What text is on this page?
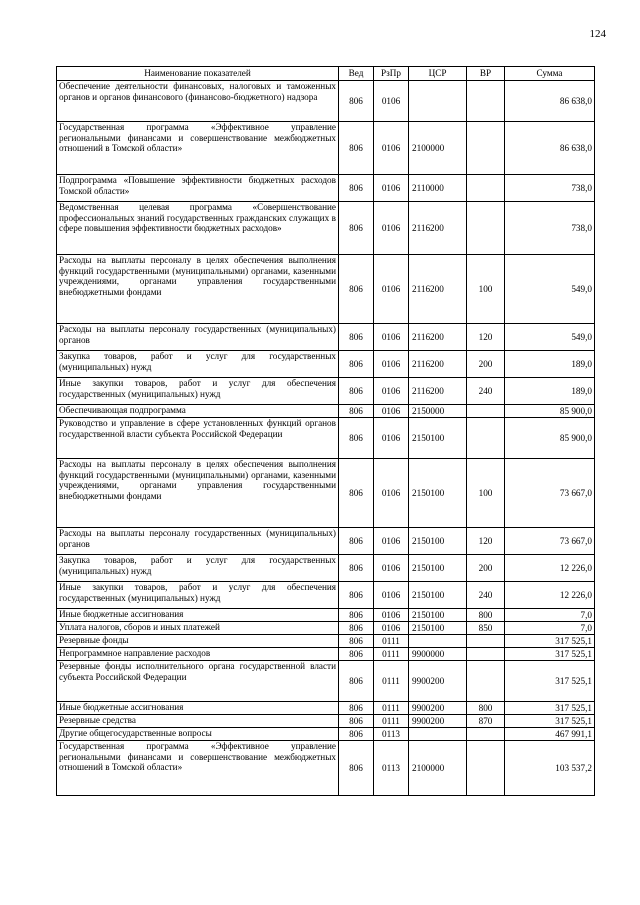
124
Наименование показателей	Вед	РзПр	ЦСР	ВР	Сумма
Обеспечение деятельности финансовых, налоговых и таможенных органов и органов финансового (финансово-бюджетного) надзора	806	0106			86 638,0
Государственная программа «Эффективное управление региональными финансами и совершенствование межбюджетных отношений в Томской области»	806	0106	2100000		86 638,0
Подпрограмма «Повышение эффективности бюджетных расходов Томской области»	806	0106	2110000		738,0
Ведомственная целевая программа «Совершенствование профессиональных знаний государственных гражданских служащих в сфере повышения эффективности бюджетных расходов»	806	0106	2116200		738,0
Расходы на выплаты персоналу в целях обеспечения выполнения функций государственными (муниципальными) органами, казенными учреждениями, органами управления государственными внебюджетными фондами	806	0106	2116200	100	549,0
Расходы на выплаты персоналу государственных (муниципальных) органов	806	0106	2116200	120	549,0
Закупка товаров, работ и услуг для государственных (муниципальных) нужд	806	0106	2116200	200	189,0
Иные закупки товаров, работ и услуг для обеспечения государственных (муниципальных) нужд	806	0106	2116200	240	189,0
Обеспечивающая подпрограмма	806	0106	2150000		85 900,0
Руководство и управление в сфере установленных функций органов государственной власти субъекта Российской Федерации	806	0106	2150100		85 900,0
Расходы на выплаты персоналу в целях обеспечения выполнения функций государственными (муниципальными) органами, казенными учреждениями, органами управления государственными внебюджетными фондами	806	0106	2150100	100	73 667,0
Расходы на выплаты персоналу государственных (муниципальных) органов	806	0106	2150100	120	73 667,0
Закупка товаров, работ и услуг для государственных (муниципальных) нужд	806	0106	2150100	200	12 226,0
Иные закупки товаров, работ и услуг для обеспечения государственных (муниципальных) нужд	806	0106	2150100	240	12 226,0
Иные бюджетные ассигнования	806	0106	2150100	800	7,0
Уплата налогов, сборов и иных платежей	806	0106	2150100	850	7,0
Резервные фонды	806	0111			317 525,1
Непрограммное направление расходов	806	0111	9900000		317 525,1
Резервные фонды исполнительного органа государственной власти субъекта Российской Федерации	806	0111	9900200		317 525,1
Иные бюджетные ассигнования	806	0111	9900200	800	317 525,1
Резервные средства	806	0111	9900200	870	317 525,1
Другие общегосударственные вопросы	806	0113			467 991,1
Государственная программа «Эффективное управление региональными финансами и совершенствование межбюджетных отношений в Томской области»	806	0113	2100000		103 537,2
